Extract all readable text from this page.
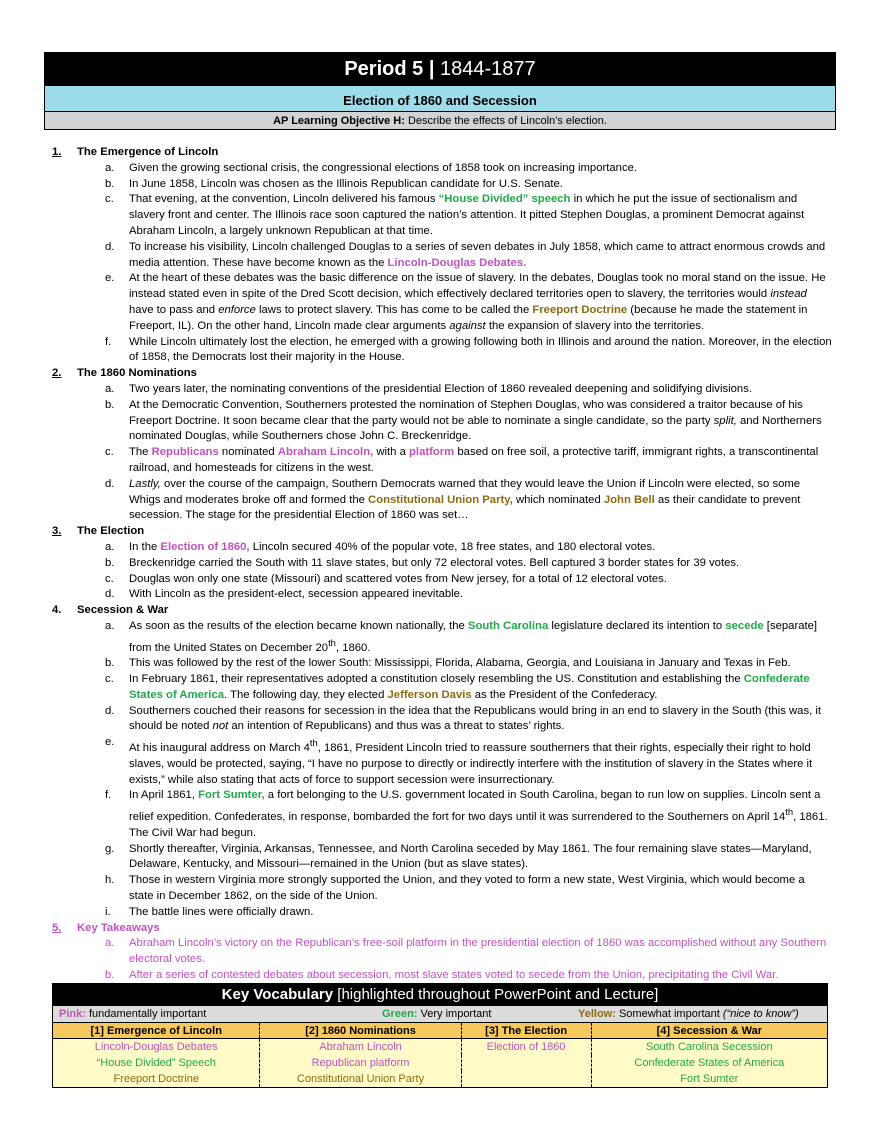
Period 5 | 1844-1877
Election of 1860 and Secession
AP Learning Objective H: Describe the effects of Lincoln’s election.
1.	The Emergence of Lincoln
a.	Given the growing sectional crisis, the congressional elections of 1858 took on increasing importance.
b.	In June 1858, Lincoln was chosen as the Illinois Republican candidate for U.S. Senate.
c.	That evening, at the convention, Lincoln delivered his famous “House Divided” speech in which he put the issue of sectionalism and slavery front and center. The Illinois race soon captured the nation’s attention. It pitted Stephen Douglas, a prominent Democrat against Abraham Lincoln, a largely unknown Republican at that time.
d.	To increase his visibility, Lincoln challenged Douglas to a series of seven debates in July 1858, which came to attract enormous crowds and media attention. These have become known as the Lincoln-Douglas Debates.
e.	At the heart of these debates was the basic difference on the issue of slavery. In the debates, Douglas took no moral stand on the issue. He instead stated even in spite of the Dred Scott decision, which effectively declared territories open to slavery, the territories would instead have to pass and enforce laws to protect slavery. This has come to be called the Freeport Doctrine (because he made the statement in Freeport, IL). On the other hand, Lincoln made clear arguments against the expansion of slavery into the territories.
f.	While Lincoln ultimately lost the election, he emerged with a growing following both in Illinois and around the nation. Moreover, in the election of 1858, the Democrats lost their majority in the House.
2.	The 1860 Nominations
a.	Two years later, the nominating conventions of the presidential Election of 1860 revealed deepening and solidifying divisions.
b.	At the Democratic Convention, Southerners protested the nomination of Stephen Douglas, who was considered a traitor because of his Freeport Doctrine. It soon became clear that the party would not be able to nominate a single candidate, so the party split, and Northerners nominated Douglas, while Southerners chose John C. Breckenridge.
c.	The Republicans nominated Abraham Lincoln, with a platform based on free soil, a protective tariff, immigrant rights, a transcontinental railroad, and homesteads for citizens in the west.
d.	Lastly, over the course of the campaign, Southern Democrats warned that they would leave the Union if Lincoln were elected, so some Whigs and moderates broke off and formed the Constitutional Union Party, which nominated John Bell as their candidate to prevent secession. The stage for the presidential Election of 1860 was set…
3.	The Election
a.	In the Election of 1860, Lincoln secured 40% of the popular vote, 18 free states, and 180 electoral votes.
b.	Breckenridge carried the South with 11 slave states, but only 72 electoral votes. Bell captured 3 border states for 39 votes.
c.	Douglas won only one state (Missouri) and scattered votes from New jersey, for a total of 12 electoral votes.
d.	With Lincoln as the president-elect, secession appeared inevitable.
4.	Secession & War
a.	As soon as the results of the election became known nationally, the South Carolina legislature declared its intention to secede [separate] from the United States on December 20th, 1860.
b.	This was followed by the rest of the lower South: Mississippi, Florida, Alabama, Georgia, and Louisiana in January and Texas in Feb.
c.	In February 1861, their representatives adopted a constitution closely resembling the US. Constitution and establishing the Confederate States of America. The following day, they elected Jefferson Davis as the President of the Confederacy.
d.	Southerners couched their reasons for secession in the idea that the Republicans would bring in an end to slavery in the South (this was, it should be noted not an intention of Republicans) and thus was a threat to states’ rights.
e.	At his inaugural address on March 4th, 1861, President Lincoln tried to reassure southerners that their rights, especially their right to hold slaves, would be protected, saying, “I have no purpose to directly or indirectly interfere with the institution of slavery in the States where it exists,” while also stating that acts of force to support secession were insurrectionary.
f.	In April 1861, Fort Sumter, a fort belonging to the U.S. government located in South Carolina, began to run low on supplies. Lincoln sent a relief expedition. Confederates, in response, bombarded the fort for two days until it was surrendered to the Southerners on April 14th, 1861. The Civil War had begun.
g.	Shortly thereafter, Virginia, Arkansas, Tennessee, and North Carolina seceded by May 1861. The four remaining slave states—Maryland, Delaware, Kentucky, and Missouri—remained in the Union (but as slave states).
h.	Those in western Virginia more strongly supported the Union, and they voted to form a new state, West Virginia, which would become a state in December 1862, on the side of the Union.
i.	The battle lines were officially drawn.
5.	Key Takeaways
a.	Abraham Lincoln’s victory on the Republican’s free-soil platform in the presidential election of 1860 was accomplished without any Southern electoral votes.
b.	After a series of contested debates about secession, most slave states voted to secede from the Union, precipitating the Civil War.
Key Vocabulary [highlighted throughout PowerPoint and Lecture]
Pink: fundamentally important	Green: Very important	Yellow: Somewhat important (“nice to know”)
[1] Emergence of Lincoln	[2] 1860 Nominations	[3] The Election	[4] Secession & War
Lincoln-Douglas Debates	Abraham Lincoln	Election of 1860	South Carolina Secession
“House Divided” Speech	Republican platform		Confederate States of America
Freeport Doctrine	Constitutional Union Party		Fort Sumter
